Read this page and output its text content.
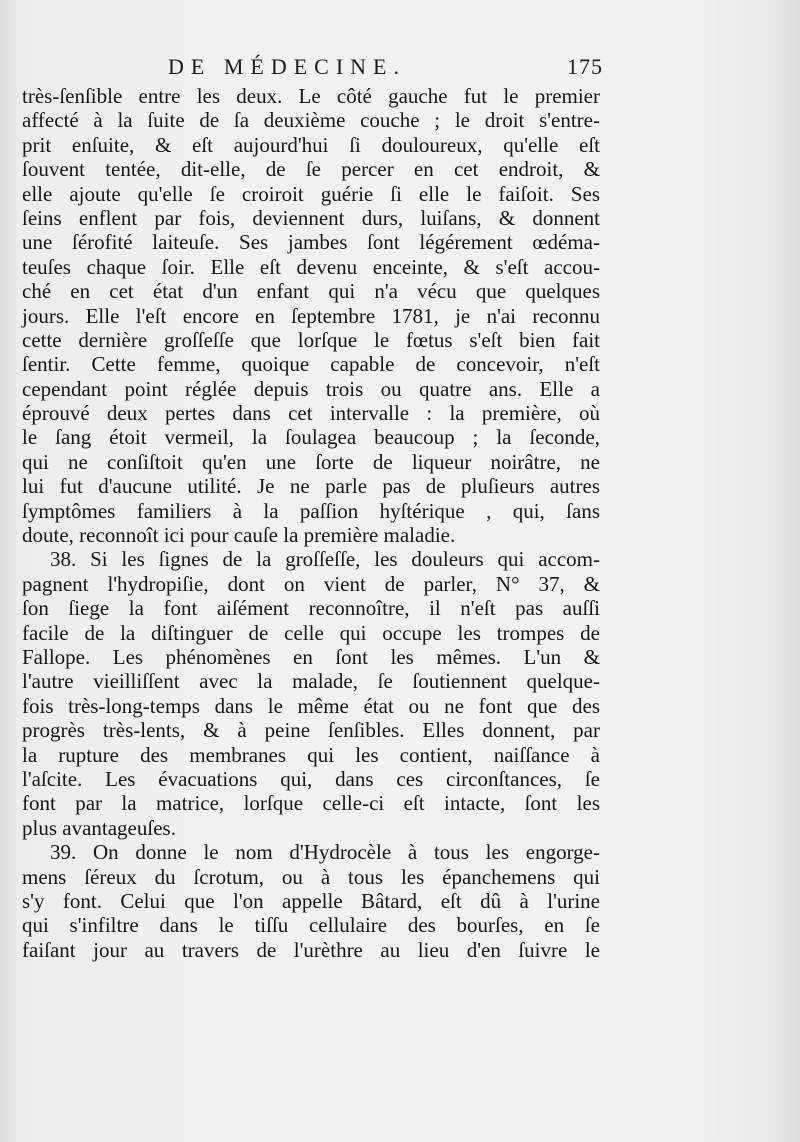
DE MÉDECINE.	175
très-ſenſible entre les deux. Le côté gauche fut le premier
affecté à la ſuite de ſa deuxième couche ; le droit s'entre-
prit enſuite, & eſt aujourd'hui ſi douloureux, qu'elle eſt
ſouvent tentée, dit-elle, de ſe percer en cet endroit, &
elle ajoute qu'elle ſe croiroit guérie ſi elle le faiſoit. Ses
ſeins enflent par fois, deviennent durs, luiſans, & donnent
une ſérofité laiteuſe. Ses jambes ſont légérement œdéma-
teuſes chaque ſoir. Elle eſt devenu enceinte, & s'eſt accou-
ché en cet état d'un enfant qui n'a vécu que quelques
jours. Elle l'eſt encore en ſeptembre 1781, je n'ai reconnu
cette dernière groſſeſſe que lorſque le fœtus s'eſt bien fait
ſentir. Cette femme, quoique capable de concevoir, n'eſt
cependant point réglée depuis trois ou quatre ans. Elle a
éprouvé deux pertes dans cet intervalle : la première, où
le ſang étoit vermeil, la ſoulagea beaucoup ; la ſeconde,
qui ne conſiſtoit qu'en une ſorte de liqueur noirâtre, ne
lui fut d'aucune utilité. Je ne parle pas de pluſieurs autres
ſymptômes familiers à la paſſion hyſtérique , qui, ſans
doute, reconnoît ici pour cauſe la première maladie.
38. Si les ſignes de la groſſeſſe, les douleurs qui accom-
pagnent l'hydropiſie, dont on vient de parler, N° 37, &
ſon ſiege la font aiſément reconnoître, il n'eſt pas auſſi
facile de la diſtinguer de celle qui occupe les trompes de
Fallope. Les phénomènes en ſont les mêmes. L'un &
l'autre vieilliſſent avec la malade, ſe ſoutiennent quelque-
fois très-long-temps dans le même état ou ne font que des
progrès très-lents, & à peine ſenſibles. Elles donnent, par
la rupture des membranes qui les contient, naiſſance à
l'aſcite. Les évacuations qui, dans ces circonſtances, ſe
font par la matrice, lorſque celle-ci eſt intacte, ſont les
plus avantageuſes.
39. On donne le nom d'Hydrocèle à tous les engorge-
mens ſéreux du ſcrotum, ou à tous les épanchemens qui
s'y font. Celui que l'on appelle Bâtard, eſt dû à l'urine
qui s'infiltre dans le tiſſu cellulaire des bourſes, en ſe
faiſant jour au travers de l'urèthre au lieu d'en ſuivre le
